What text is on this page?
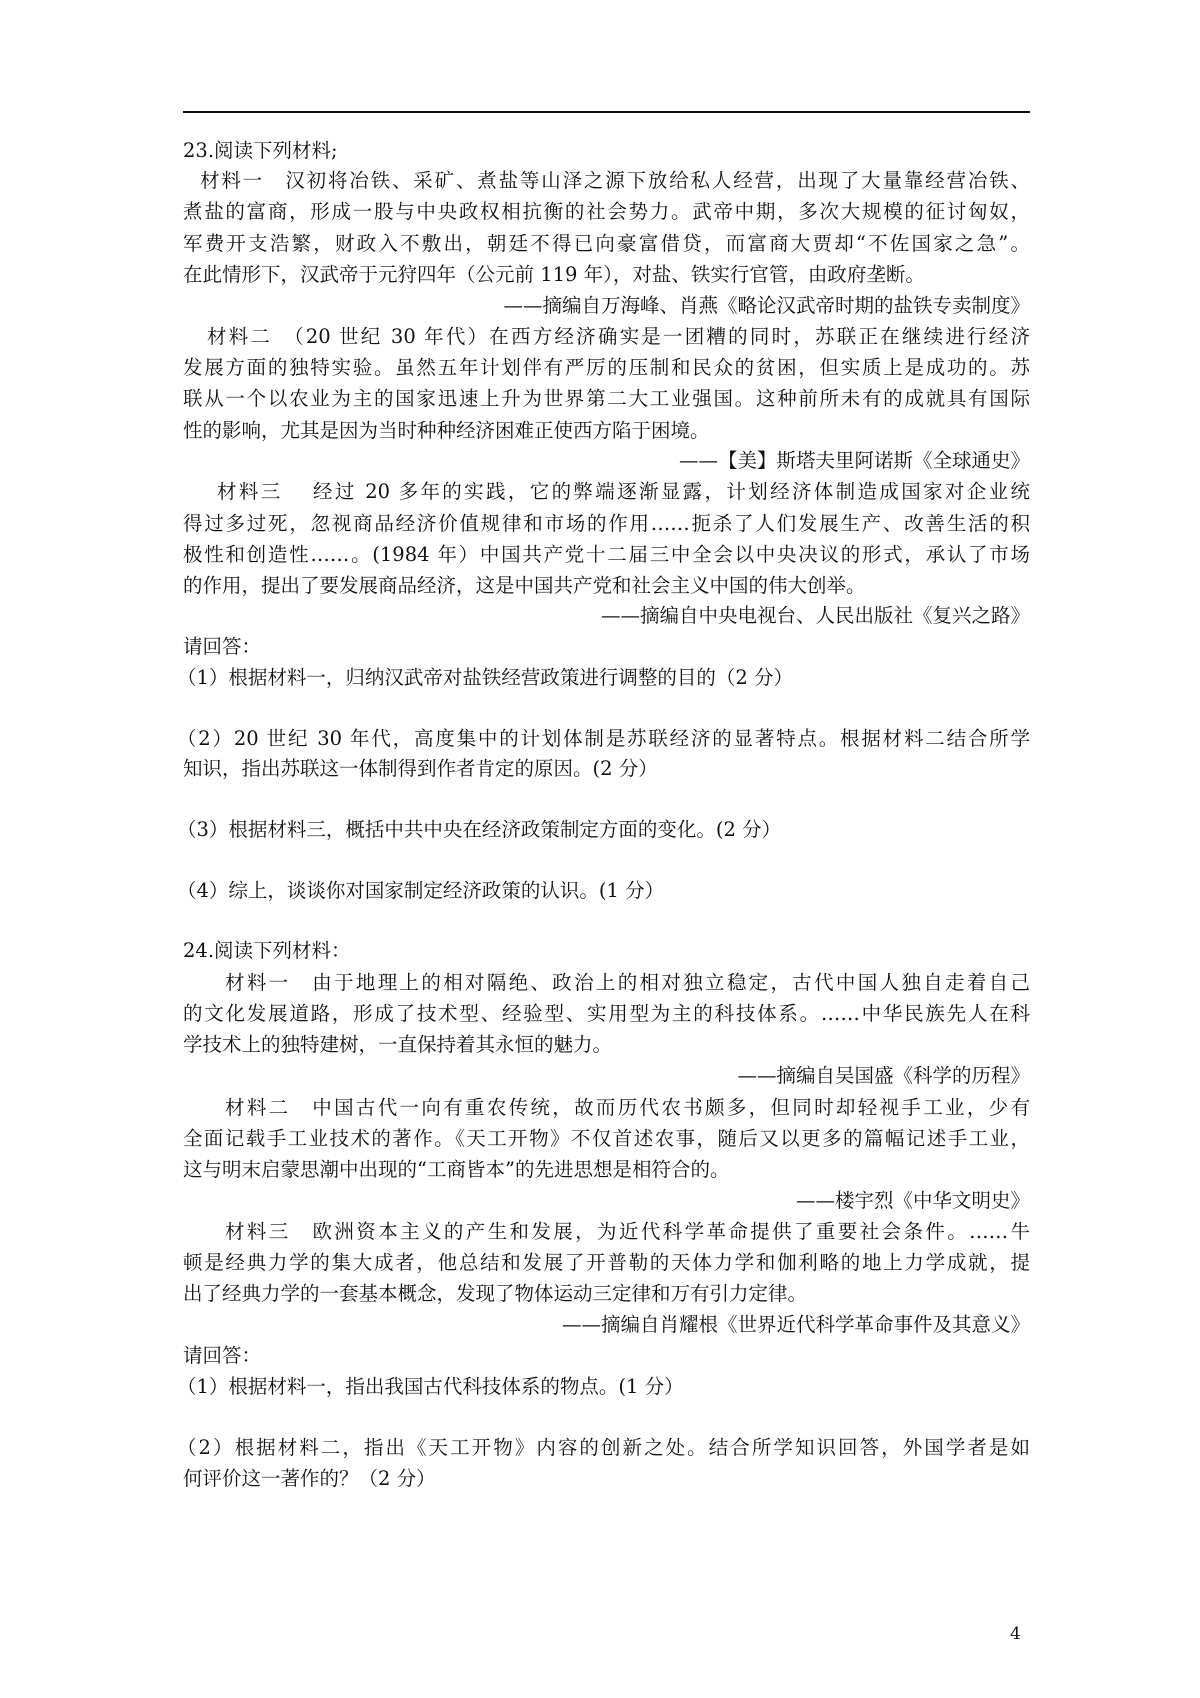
23.阅读下列材料;
材料一　汉初将冶铁、采矿、煮盐等山泽之源下放给私人经营，出现了大量靠经营冶铁、
煮盐的富商，形成一股与中央政权相抗衡的社会势力。武帝中期，多次大规模的征讨匈奴，
军费开支浩繁，财政入不敷出，朝廷不得已向豪富借贷，而富商大贾却“不佐国家之急”。
在此情形下，汉武帝于元狩四年（公元前 119 年），对盐、铁实行官管，由政府垄断。
——摘编自万海峰、肖燕《略论汉武帝时期的盐铁专卖制度》
材料二　（20 世纪 30 年代）在西方经济确实是一团糟的同时，苏联正在继续进行经济
发展方面的独特实验。虽然五年计划伴有严厉的压制和民众的贫困，但实质上是成功的。苏
联从一个以农业为主的国家迅速上升为世界第二大工业强国。这种前所未有的成就具有国际
性的影响，尤其是因为当时种种经济困难正使西方陷于困境。
——【美】斯塔夫里阿诺斯《全球通史》
材料三　 经过 20 多年的实践，它的弊端逐渐显露，计划经济体制造成国家对企业统
得过多过死，忽视商品经济价值规律和市场的作用……扼杀了人们发展生产、改善生活的积
极性和创造性……。(1984 年）中国共产党十二届三中全会以中央决议的形式，承认了市场
的作用，提出了要发展商品经济，这是中国共产党和社会主义中国的伟大创举。
——摘编自中央电视台、人民出版社《复兴之路》
请回答：
（1）根据材料一，归纳汉武帝对盐铁经营政策进行调整的目的（2 分）
（2）20 世纪 30 年代，高度集中的计划体制是苏联经济的显著特点。根据材料二结合所学
知识，指出苏联这一体制得到作者肯定的原因。(2 分）
（3）根据材料三，概括中共中央在经济政策制定方面的变化。(2 分）
（4）综上，谈谈你对国家制定经济政策的认识。(1 分）
24.阅读下列材料：
材料一　由于地理上的相对隔绝、政治上的相对独立稳定，古代中国人独自走着自己
的文化发展道路，形成了技术型、经验型、实用型为主的科技体系。……中华民族先人在科
学技术上的独特建树，一直保持着其永恒的魅力。
——摘编自吴国盛《科学的历程》
材料二　中国古代一向有重农传统，故而历代农书颇多，但同时却轻视手工业，少有
全面记载手工业技术的著作。《天工开物》不仅首述农事，随后又以更多的篇幅记述手工业，
这与明末启蒙思潮中出现的“工商皆本”的先进思想是相符合的。
——楼宇烈《中华文明史》
材料三　欧洲资本主义的产生和发展，为近代科学革命提供了重要社会条件。……牛
顿是经典力学的集大成者，他总结和发展了开普勒的天体力学和伽利略的地上力学成就，提
出了经典力学的一套基本概念，发现了物体运动三定律和万有引力定律。
——摘编自肖耀根《世界近代科学革命事件及其意义》
请回答：
（1）根据材料一，指出我国古代科技体系的物点。(1 分）
（2）根据材料二，指出《天工开物》内容的创新之处。结合所学知识回答，外国学者是如
何评价这一著作的？（2 分）
4
